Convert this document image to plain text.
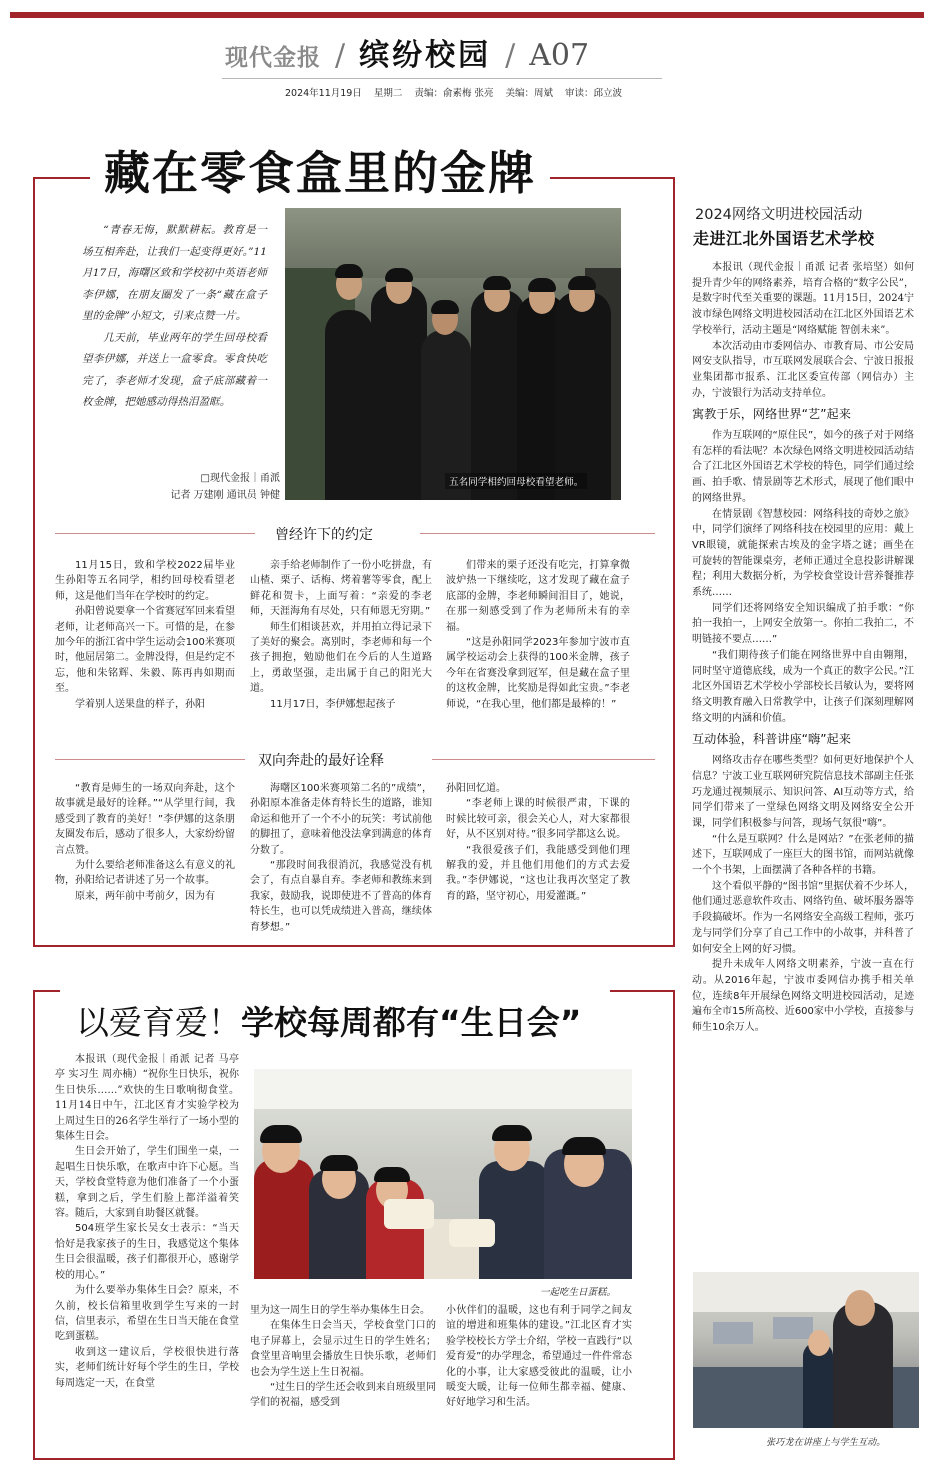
现代金报 / 缤纷校园 / A07
2024年11月19日 星期二 责编：俞素梅 张亮 美编：周斌 审读：邱立波
藏在零食盒里的金牌

“青春无悔，默默耕耘。教育是一场互相奔赴，让我们一起变得更好。”11月17日，海曙区致和学校初中英语老师李伊娜，在朋友圈发了一条“藏在盒子里的金牌”小短文，引来点赞一片。

几天前，毕业两年的学生回母校看望李伊娜，并送上一盒零食。零食快吃完了，李老师才发现，盒子底部藏着一枚金牌，把她感动得热泪盈眶。

□现代金报｜甬派
记者 万建刚 通讯员 钟健
五名同学相约回母校看望老师。
曾经许下的约定

11月15日，致和学校2022届毕业生孙阳等五名同学，相约回母校看望老师，这是他们当年在学校时的约定。

孙阳曾说要拿一个省赛冠军回来看望老师，让老师高兴一下。可惜的是，在参加今年的浙江省中学生运动会100米赛项时，他屈居第二。金牌没得，但是约定不忘，他和朱铭辉、朱毅、陈再冉如期而至。

学着别人送果盘的样子，孙阳

亲手给老师制作了一份小吃拼盘，有山楂、栗子、话梅、烤着薯等零食，配上鲜花和贺卡，上面写着：“亲爱的李老师，天涯海角有尽处，只有师恩无穷期。”

师生们相谈甚欢，并用拍立得记录下了美好的聚会。离别时，李老师和每一个孩子拥抱，勉励他们在今后的人生道路上，勇敢坚强，走出属于自己的阳光大道。

11月17日，李伊娜想起孩子

们带来的栗子还没有吃完，打算拿微波炉热一下继续吃，这才发现了藏在盒子底部的金牌，李老师瞬间泪目了，她说，在那一刻感受到了作为老师所未有的幸福。

“这是孙阳同学2023年参加宁波市直属学校运动会上获得的100米金牌，孩子今年在省赛没拿到冠军，但是藏在盒子里的这枚金牌，比奖励是得如此宝贵。”李老师说，“在我心里，他们都是最棒的！”

双向奔赴的最好诠释

“教育是师生的一场双向奔赴，这个故事就是最好的诠释。”“从学里行间，我感受到了教育的美好！”李伊娜的这条朋友圈发布后，感动了很多人，大家纷纷留言点赞。

为什么要给老师准备这么有意义的礼物，孙阳给记者讲述了另一个故事。

原来，两年前中考前夕，因为有

海曙区100米赛项第二名的”成绩”，孙阳原本准备走体育特长生的道路，谁知命运和他开了一个不小的玩笑：考试前他的脚扭了，意味着他没法拿到满意的体育分数了。

“那段时间我很消沉，我感觉没有机会了，有点自暴自弃。李老师和教练来到我家，鼓励我，说即使进不了普高的体育特长生，也可以凭成绩进入普高，继续体育梦想。”

孙阳回忆道。

“李老师上课的时候很严肃，下课的时候比较可亲，很会关心人，对大家都很好，从不区别对待。”很多同学都这么说。

“我很爱孩子们，我能感受到他们理解我的爱，并且他们用他们的方式去爱我。”李伊娜说，“这也让我再次坚定了教育的路，坚守初心，用爱灌溉。”

以爱育爱！学校每周都有“生日会”

本报讯（现代金报｜甬派 记者 马亭亭 实习生 周亦楠）“祝你生日快乐，祝你生日快乐……”欢快的生日歌响彻食堂。11月14日中午，江北区育才实验学校为上周过生日的26名学生举行了一场小型的集体生日会。

生日会开始了，学生们围坐一桌，一起唱生日快乐歌，在歌声中许下心愿。当天，学校食堂特意为他们准备了一个小蛋糕，拿到之后，学生们脸上都洋溢着笑容。随后，大家到自助餐区就餐。

504班学生家长吴女士表示：“当天恰好是我家孩子的生日，我感觉这个集体生日会很温暖，孩子们都很开心，感谢学校的用心。”

为什么要举办集体生日会？原来，不久前，校长信箱里收到学生写来的一封信，信里表示，希望在生日当天能在食堂吃到蛋糕。

收到这一建议后，学校很快进行落实，老师们统计好每个学生的生日，学校每周选定一天，在食堂

一起吃生日蛋糕。

里为这一周生日的学生举办集体生日会。

在集体生日会当天，学校食堂门口的电子屏幕上，会显示过生日的学生姓名；食堂里音响里会播放生日快乐歌，老师们也会为学生送上生日祝福。

“过生日的学生还会收到来自班级里同学们的祝福，感受到

小伙伴们的温暖，这也有利于同学之间友谊的增进和班集体的建设。”江北区育才实验学校校长方学士介绍，学校一直践行“以爱育爱”的办学理念，希望通过一件件常态化的小事，让大家感受彼此的温暖，让小暖变大暖，让每一位师生都幸福、健康、好好地学习和生活。

2024网络文明进校园活动
走进江北外国语艺术学校

本报讯（现代金报｜甬派 记者 张培坚）如何提升青少年的网络素养，培育合格的“数字公民”，是数字时代至关重要的课题。11月15日，2024宁波市绿色网络文明进校园活动在江北区外国语艺术学校举行，活动主题是“网络赋能 智创未来”。

本次活动由市委网信办、市教育局、市公安局网安支队指导，市互联网发展联合会、宁波日报报业集团都市报系、江北区委宣传部（网信办）主办，宁波银行为活动支持单位。

寓教于乐，网络世界“艺”起来

作为互联网的“原住民”，如今的孩子对于网络有怎样的看法呢？本次绿色网络文明进校园活动结合了江北区外国语艺术学校的特色，同学们通过绘画、拍手歌、情景剧等艺术形式，展现了他们眼中的网络世界。

在情景剧《智慧校园：网络科技的奇妙之旅》中，同学们演绎了网络科技在校园里的应用：戴上VR眼镜，就能探索古埃及的金字塔之谜；画坐在可旋转的智能课桌旁，老师正通过全息投影讲解课程；利用大数据分析，为学校食堂设计营养餐推荐系统……

同学们还将网络安全知识编成了拍手歌：“你拍一我拍一，上网安全放第一。你拍二我拍二，不明链接不要点……”

“我们期待孩子们能在网络世界中自由翱翔，同时坚守道德底线，成为一个真正的数字公民。”江北区外国语艺术学校小学部校长吕敏认为，要将网络文明教育融入日常教学中，让孩子们深刻理解网络文明的内涵和价值。

互动体验，科普讲座“嗨”起来

网络攻击存在哪些类型？如何更好地保护个人信息？宁波工业互联网研究院信息技术部副主任张巧龙通过视频展示、知识问答、AI互动等方式，给同学们带来了一堂绿色网络文明及网络安全公开课，同学们积极参与问答，现场气氛很“嗨”。

“什么是互联网？什么是网站？”在张老师的描述下，互联网成了一座巨大的图书馆，而网站就像一个个书架，上面摆满了各种各样的书籍。

这个看似平静的“图书馆”里据伏着不少坏人，他们通过恶意软件攻击、网络钓鱼、破坏服务器等手段搞破坏。作为一名网络安全高级工程师，张巧龙与同学们分享了自己工作中的小故事，并科普了如何安全上网的好习惯。

提升未成年人网络文明素养，宁波一直在行动。从2016年起，宁波市委网信办携手相关单位，连续8年开展绿色网络文明进校园活动，足迹遍布全市15所高校、近600家中小学校，直接参与师生10余万人。

张巧龙在讲座上与学生互动。
